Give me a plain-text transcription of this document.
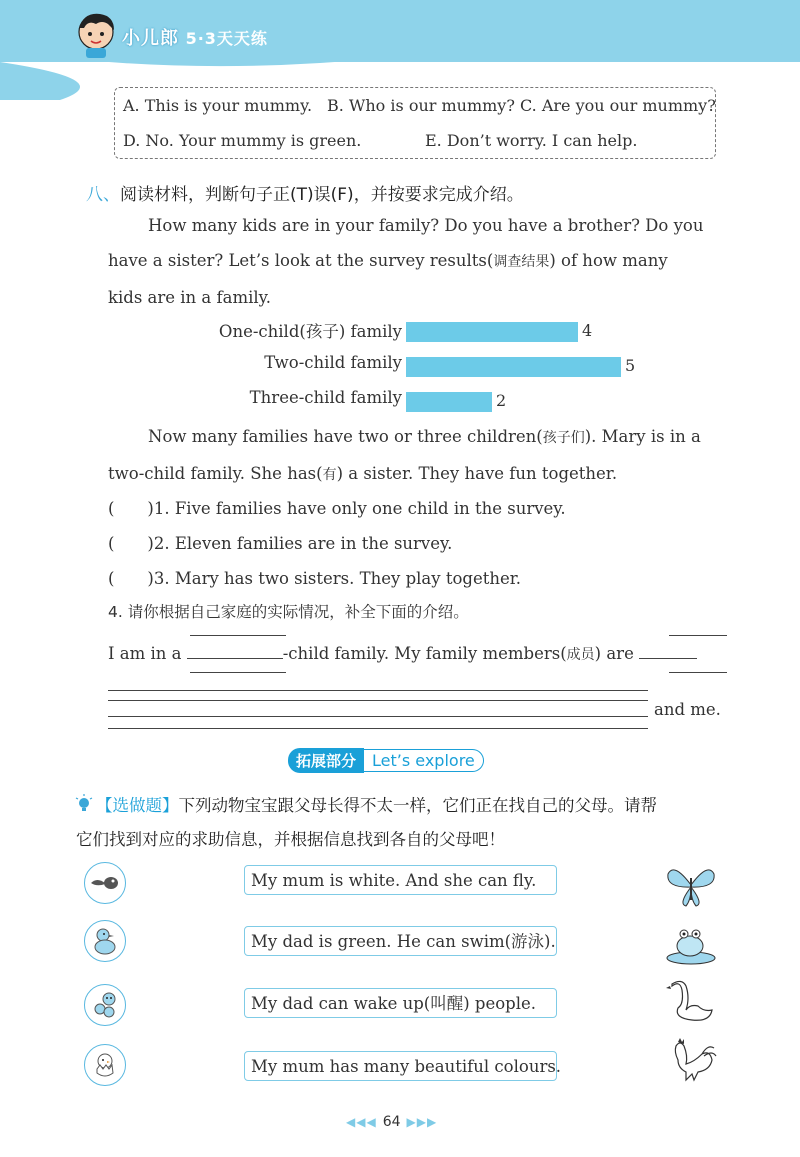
小儿郎 5·3天天练
A. This is your mummy. B. Who is our mummy? C. Are you our mummy?
D. No. Your mummy is green.	E. Don’t worry. I can help.
八、阅读材料，判断句子正(T)误(F)，并按要求完成介绍。
How many kids are in your family? Do you have a brother? Do you
have a sister? Let’s look at the survey results(调查结果) of how many
kids are in a family.
One-child(孩子) family	4
Two-child family	5
Three-child family	2
Now many families have two or three children(孩子们). Mary is in a
two-child family. She has(有) a sister. They have fun together.
(　　)1. Five families have only one child in the survey.
(　　)2. Eleven families are in the survey.
(　　)3. Mary has two sisters. They play together.
4. 请你根据自己家庭的实际情况，补全下面的介绍。
I am in a	-child family. My family members(成员) are
and me.
拓展部分	Let’s explore
【选做题】下列动物宝宝跟父母长得不太一样，它们正在找自己的父母。请帮
它们找到对应的求助信息，并根据信息找到各自的父母吧！
My mum is white. And she can fly.
My dad is green. He can swim(游泳).
My dad can wake up(叫醒) people.
My mum has many beautiful colours.
◀◀◀ 64 ▶▶▶
